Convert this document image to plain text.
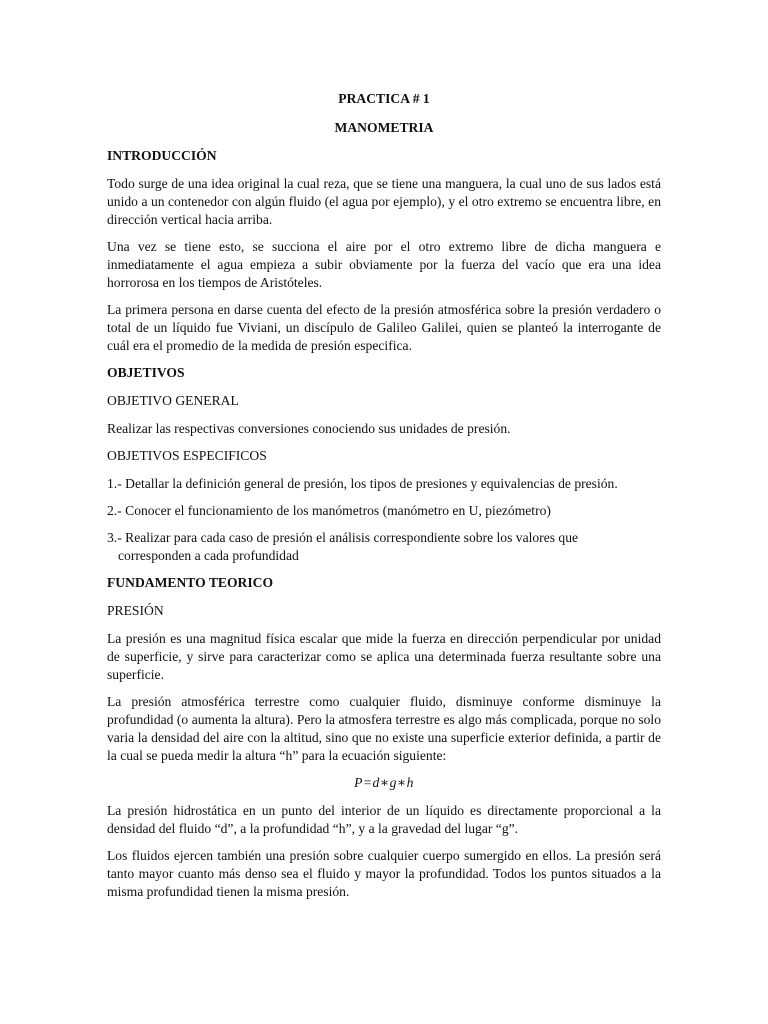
PRACTICA # 1

MANOMETRIA

INTRODUCCIÓN

Todo surge de una idea original la cual reza, que se tiene una manguera, la cual uno de sus lados está unido a un contenedor con algún fluido (el agua por ejemplo), y el otro extremo se encuentra libre, en dirección vertical hacia arriba.

Una vez se tiene esto, se succiona el aire por el otro extremo libre de dicha manguera e inmediatamente el agua empieza a subir obviamente por la fuerza del vacío que era una idea horrorosa en los tiempos de Aristóteles.

La primera persona en darse cuenta del efecto de la presión atmosférica sobre la presión verdadero o total de un líquido fue Viviani, un discípulo de Galileo Galilei, quien se planteó la interrogante de cuál era el promedio de la medida de presión especifica.

OBJETIVOS

OBJETIVO GENERAL

Realizar las respectivas conversiones conociendo sus unidades de presión.

OBJETIVOS ESPECIFICOS

1.- Detallar la definición general de presión, los tipos de presiones y equivalencias de presión.

2.- Conocer el funcionamiento de los manómetros (manómetro en U, piezómetro)

3.- Realizar para cada caso de presión el análisis correspondiente sobre los valores que
corresponden a cada profundidad

FUNDAMENTO TEORICO

PRESIÓN

La presión es una magnitud física escalar que mide la fuerza en dirección perpendicular por unidad de superficie, y sirve para caracterizar como se aplica una determinada fuerza resultante sobre una superficie.

La presión atmosférica terrestre como cualquier fluido, disminuye conforme disminuye la profundidad (o aumenta la altura). Pero la atmosfera terrestre es algo más complicada, porque no solo varia la densidad del aire con la altitud, sino que no existe una superficie exterior definida, a partir de la cual se pueda medir la altura “h” para la ecuación siguiente:

P=d∗g∗h

La presión hidrostática en un punto del interior de un líquido es directamente proporcional a la densidad del fluido “d”, a la profundidad “h”, y a la gravedad del lugar “g”.

Los fluidos ejercen también una presión sobre cualquier cuerpo sumergido en ellos. La presión será tanto mayor cuanto más denso sea el fluido y mayor la profundidad. Todos los puntos situados a la misma profundidad tienen la misma presión.
